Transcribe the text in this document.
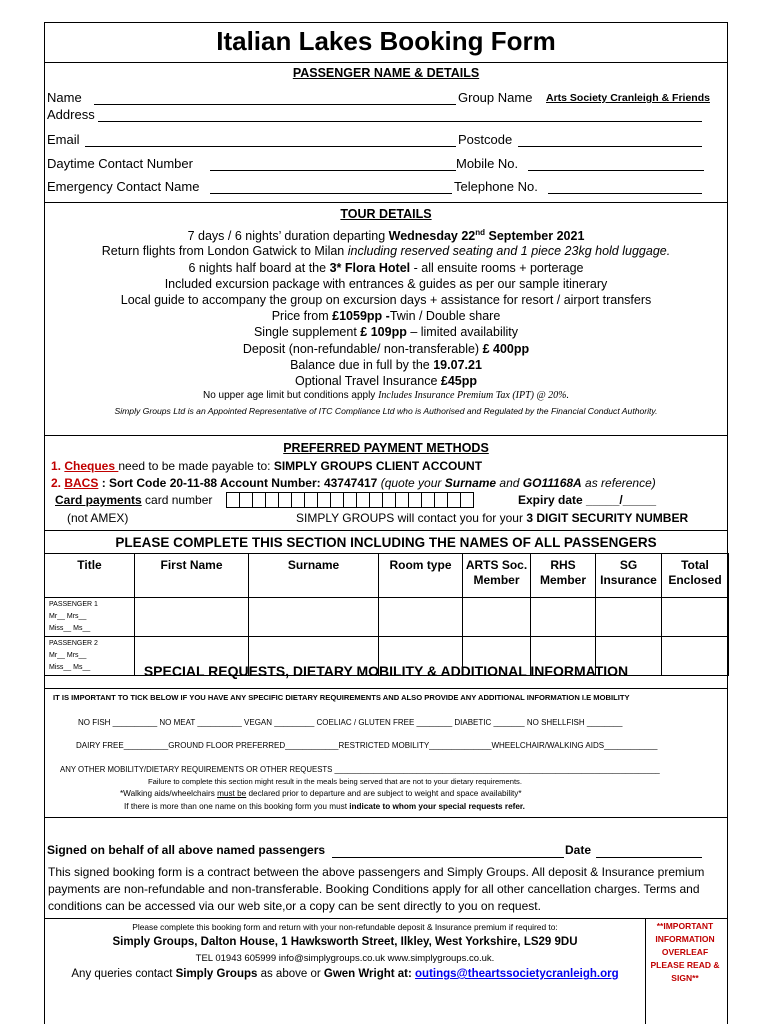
Italian Lakes Booking Form
PASSENGER NAME & DETAILS
Name	Group Name Arts Society Cranleigh & Friends
Address
Email	Postcode
Daytime Contact Number	Mobile No.
Emergency Contact Name	Telephone No.
TOUR DETAILS
7 days / 6 nights’ duration departing Wednesday 22nd September 2021
Return flights from London Gatwick to Milan including reserved seating and 1 piece 23kg hold luggage.
6 nights half board at the 3* Flora Hotel - all ensuite rooms + porterage
Included excursion package with entrances & guides as per our sample itinerary
Local guide to accompany the group on excursion days + assistance for resort / airport transfers
Price from £1059pp -Twin / Double share
Single supplement £ 109pp – limited availability
Deposit (non-refundable/ non-transferable) £ 400pp
Balance due in full by the 19.07.21
Optional Travel Insurance £45pp
No upper age limit but conditions apply Includes Insurance Premium Tax (IPT) @ 20%.
Simply Groups Ltd is an Appointed Representative of ITC Compliance Ltd who is Authorised and Regulated by the Financial Conduct Authority.
PREFERRED PAYMENT METHODS
1. Cheques need to be made payable to: SIMPLY GROUPS CLIENT ACCOUNT
2. BACS : Sort Code 20-11-88 Account Number: 43747417 (quote your Surname and GO11168A as reference)
Card payments card number	Expiry date _____/_____
(not AMEX)	SIMPLY GROUPS will contact you for your 3 DIGIT SECURITY NUMBER
PLEASE COMPLETE THIS SECTION INCLUDING THE NAMES OF ALL PASSENGERS
Title	First Name	Surname	Room type	ARTS Soc. Member	RHS Member	SG Insurance	Total Enclosed

PASSENGER 1
Mr__ Mrs__
Miss__ Ms__							

PASSENGER 2
Mr__ Mrs__
Miss__ Ms__							
								SPECIAL REQUESTS, DIETARY MOBILITY & ADDITIONAL INFORMATION
IT IS IMPORTANT TO TICK BELOW IF YOU HAVE ANY SPECIFIC DIETARY REQUIREMENTS AND ALSO PROVIDE ANY ADDITIONAL INFORMATION I.E MOBILITY
NO FISH __________ NO MEAT __________ VEGAN _________ COELIAC / GLUTEN FREE ________ DIABETIC _______ NO SHELLFISH ________
DAIRY FREE__________GROUND FLOOR PREFERRED____________RESTRICTED MOBILITY______________WHEELCHAIR/WALKING AIDS____________
ANY OTHER MOBILITY/DIETARY REQUIREMENTS OR OTHER REQUESTS ___________________________________________________________________________
Failure to complete this section might result in the meals being served that are not to your dietary requirements.
*Walking aids/wheelchairs must be declared prior to departure and are subject to weight and space availability*
If there is more than one name on this booking form you must indicate to whom your special requests refer.
Signed on behalf of all above named passengers	Date
This signed booking form is a contract between the above passengers and Simply Groups. All deposit & Insurance premium payments are non-refundable and non-transferable. Booking Conditions apply for all other cancellation charges. Terms and conditions can be accessed via our web site,or a copy can be sent directly to you on request.
Please complete this booking form and return with your non-refundable deposit & Insurance premium if required to:
Simply Groups, Dalton House, 1 Hawksworth Street, Ilkley, West Yorkshire, LS29 9DU
TEL 01943 605999 info@simplygroups.co.uk www.simplygroups.co.uk.
Any queries contact Simply Groups as above or Gwen Wright at: outings@theartssocietycranleigh.org
**IMPORTANT INFORMATION OVERLEAF PLEASE READ & SIGN**
